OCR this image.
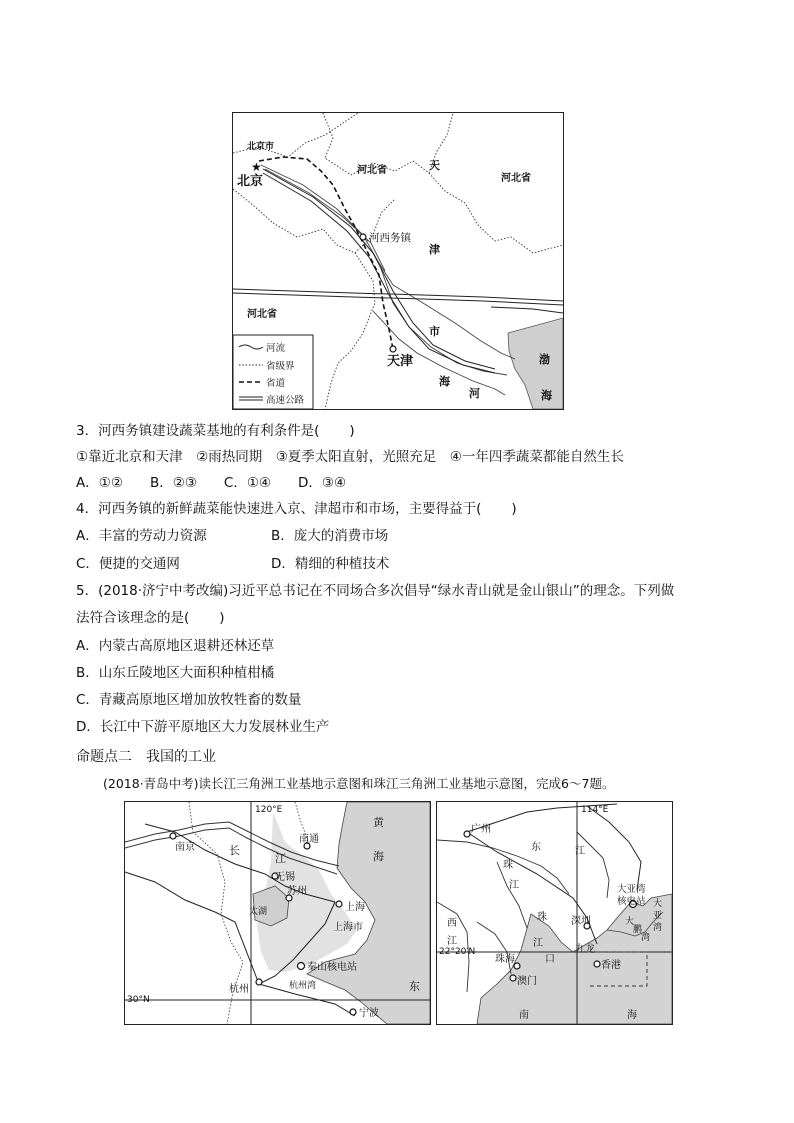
★
北京市
北京
河北省	天
河北省
河西务镇
津
河北省
市
天津	渤
海
海
河
河流
省级界
省道
高速公路
3．河西务镇建设蔬菜基地的有利条件是( )
①靠近北京和天津　②雨热同期　③夏季太阳直射，光照充足　④一年四季蔬菜都能自然生长
A．①②　　B．②③　　C．①④　　D．③④
4．河西务镇的新鲜蔬菜能快速进入京、津超市和市场，主要得益于( )
A．丰富的劳动力资源	B．庞大的消费市场
C．便捷的交通网	D．精细的种植技术
5．(2018·济宁中考改编)习近平总书记在不同场合多次倡导“绿水青山就是金山银山”的理念。下列做
法符合该理念的是( )
A．内蒙古高原地区退耕还林还草
B．山东丘陵地区大面积种植柑橘
C．青藏高原地区增加放牧牲畜的数量
D．长江中下游平原地区大力发展林业生产
命题点二　我国的工业
(2018·青岛中考)读长江三角洲工业基地示意图和珠江三角洲工业基地示意图，完成6～7题。
120°E
30°N
南京	长
江
南通
黄
海
无锡
苏州
太湖	上海
上海市
秦山核电站
杭州	杭州湾	东
宁波
114°E
22°20′N
广州
东	江
珠
江
西
江
珠
江
口
深圳
大亚湾
核电站 大
亚
湾
大
鹏
湾
珠海
澳门
九龙
香港
南	海
